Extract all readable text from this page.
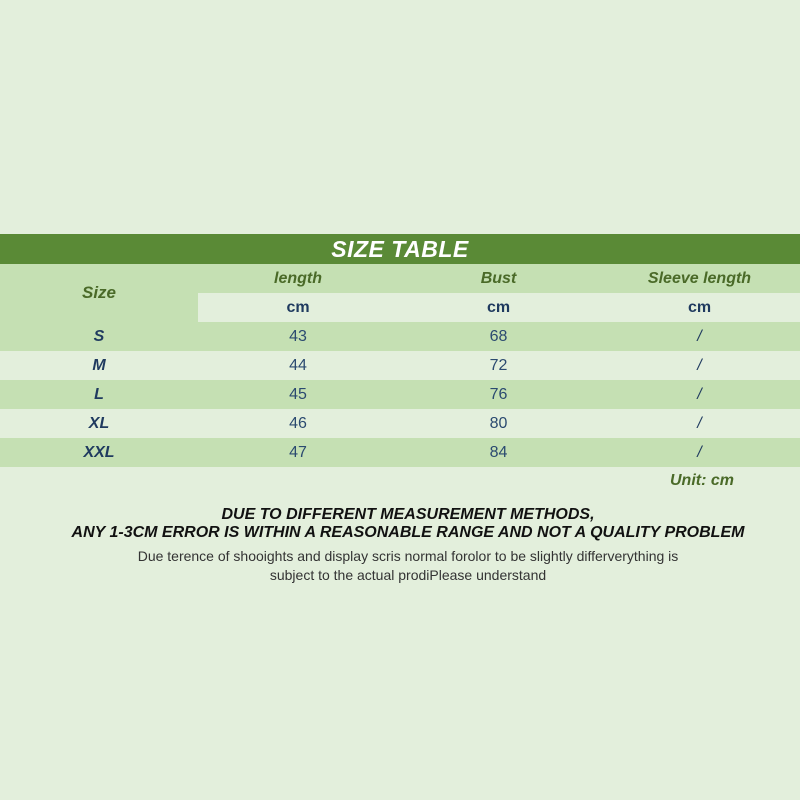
SIZE TABLE
Size	length	Bust	Sleeve length
	cm	cm	cm
S	43	68	/
M	44	72	/
L	45	76	/
XL	46	80	/
XXL	47	84	/
Unit: cm
DUE TO DIFFERENT MEASUREMENT METHODS,
ANY 1-3CM ERROR IS WITHIN A REASONABLE RANGE AND NOT A QUALITY PROBLEM
Due terence of shooights and display scris normal forolor to be slightly differverything is
subject to the actual prodiPlease understand
